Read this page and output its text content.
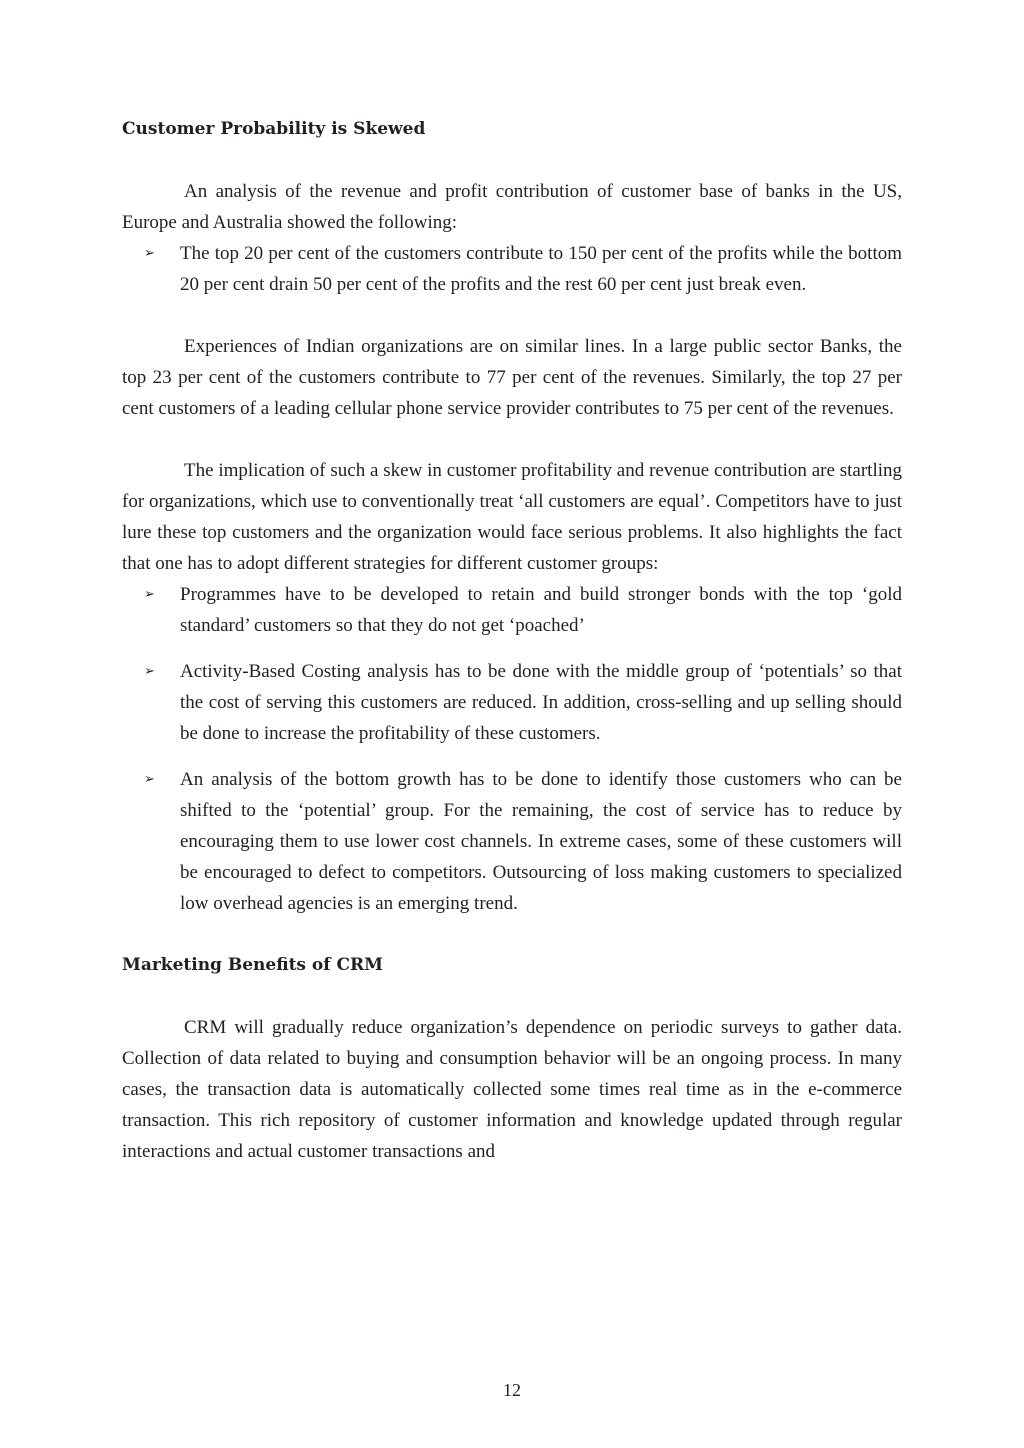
Customer Probability is Skewed

An analysis of the revenue and profit contribution of customer base of banks in the US, Europe and Australia showed the following:

➢ The top 20 per cent of the customers contribute to 150 per cent of the profits while the bottom 20 per cent drain 50 per cent of the profits and the rest 60 per cent just break even.

Experiences of Indian organizations are on similar lines. In a large public sector Banks, the top 23 per cent of the customers contribute to 77 per cent of the revenues. Similarly, the top 27 per cent customers of a leading cellular phone service provider contributes to 75 per cent of the revenues.

The implication of such a skew in customer profitability and revenue contribution are startling for organizations, which use to conventionally treat ‘all customers are equal’. Competitors have to just lure these top customers and the organization would face serious problems. It also highlights the fact that one has to adopt different strategies for different customer groups:

➢ Programmes have to be developed to retain and build stronger bonds with the top ‘gold standard’ customers so that they do not get ‘poached’
➢ Activity-Based Costing analysis has to be done with the middle group of ‘potentials’ so that the cost of serving this customers are reduced. In addition, cross-selling and up selling should be done to increase the profitability of these customers.
➢ An analysis of the bottom growth has to be done to identify those customers who can be shifted to the ‘potential’ group. For the remaining, the cost of service has to reduce by encouraging them to use lower cost channels. In extreme cases, some of these customers will be encouraged to defect to competitors. Outsourcing of loss making customers to specialized low overhead agencies is an emerging trend.
Marketing Benefits of CRM

CRM will gradually reduce organization’s dependence on periodic surveys to gather data. Collection of data related to buying and consumption behavior will be an ongoing process. In many cases, the transaction data is automatically collected some times real time as in the e-commerce transaction. This rich repository of customer information and knowledge updated through regular interactions and actual customer transactions and

12
